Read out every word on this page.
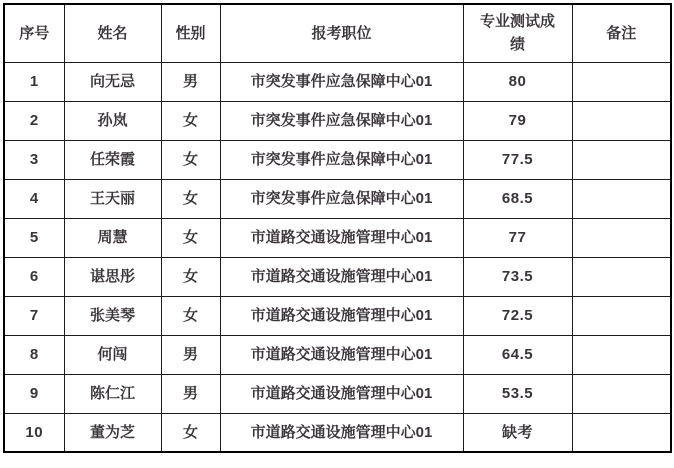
序号	姓名	性别	报考职位	专业测试成绩	备注
1	向无忌	男	市突发事件应急保障中心01	80	
2	孙岚	女	市突发事件应急保障中心01	79	
3	任荣霞	女	市突发事件应急保障中心01	77.5	
4	王天丽	女	市突发事件应急保障中心01	68.5	
5	周慧	女	市道路交通设施管理中心01	77	
6	谌思彤	女	市道路交通设施管理中心01	73.5	
7	张美琴	女	市道路交通设施管理中心01	72.5	
8	何闯	男	市道路交通设施管理中心01	64.5	
9	陈仁江	男	市道路交通设施管理中心01	53.5	
10	董为芝	女	市道路交通设施管理中心01	缺考	
